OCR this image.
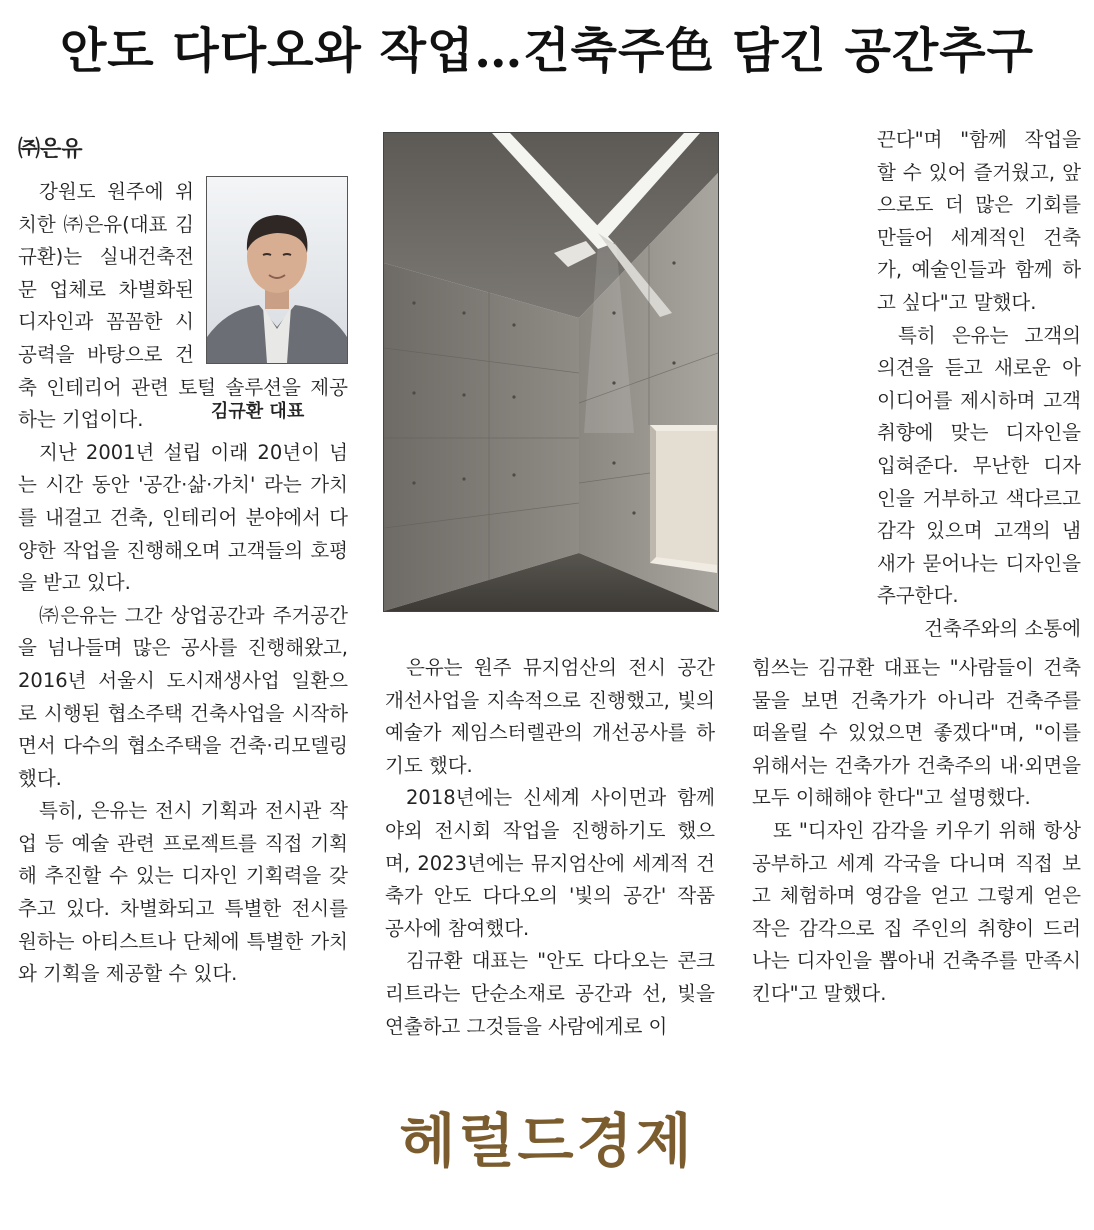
안도 다다오와 작업…건축주色 담긴 공간추구
㈜은유

강원도 원주에 위치한 ㈜은유(대표 김규환)는 실내건축전문 업체로 차별화된 디자인과 꼼꼼한 시공력을 바탕으로 건축 인테리어 관련 토털 솔루션을 제공하는 기업이다.

지난 2001년 설립 이래 20년이 넘는 시간 동안 '공간·삶·가치' 라는 가치를 내걸고 건축, 인테리어 분야에서 다양한 작업을 진행해오며 고객들의 호평을 받고 있다.

㈜은유는 그간 상업공간과 주거공간을 넘나들며 많은 공사를 진행해왔고, 2016년 서울시 도시재생사업 일환으로 시행된 협소주택 건축사업을 시작하면서 다수의 협소주택을 건축·리모델링했다.

특히, 은유는 전시 기획과 전시관 작업 등 예술 관련 프로젝트를 직접 기획해 추진할 수 있는 디자인 기획력을 갖추고 있다. 차별화되고 특별한 전시를 원하는 아티스트나 단체에 특별한 가치와 기획을 제공할 수 있다.

김규환 대표

은유는 원주 뮤지엄산의 전시 공간 개선사업을 지속적으로 진행했고, 빛의 예술가 제임스터렐관의 개선공사를 하기도 했다.

2018년에는 신세계 사이먼과 함께 야외 전시회 작업을 진행하기도 했으며, 2023년에는 뮤지엄산에 세계적 건축가 안도 다다오의 '빛의 공간' 작품 공사에 참여했다.

김규환 대표는 "안도 다다오는 콘크리트라는 단순소재로 공간과 선, 빛을 연출하고 그것들을 사람에게로 이

끈다"며 "함께 작업을 할 수 있어 즐거웠고, 앞으로도 더 많은 기회를 만들어 세계적인 건축가, 예술인들과 함께 하고 싶다"고 말했다.

특히 은유는 고객의 의견을 듣고 새로운 아이디어를 제시하며 고객 취향에 맞는 디자인을 입혀준다. 무난한 디자인을 거부하고 색다르고 감각 있으며 고객의 냄새가 묻어나는 디자인을 추구한다.

건축주와의 소통에

힘쓰는 김규환 대표는 "사람들이 건축물을 보면 건축가가 아니라 건축주를 떠올릴 수 있었으면 좋겠다"며, "이를 위해서는 건축가가 건축주의 내·외면을 모두 이해해야 한다"고 설명했다.

또 "디자인 감각을 키우기 위해 항상 공부하고 세계 각국을 다니며 직접 보고 체험하며 영감을 얻고 그렇게 얻은 작은 감각으로 집 주인의 취향이 드러나는 디자인을 뽑아내 건축주를 만족시킨다"고 말했다.

헤럴드경제
